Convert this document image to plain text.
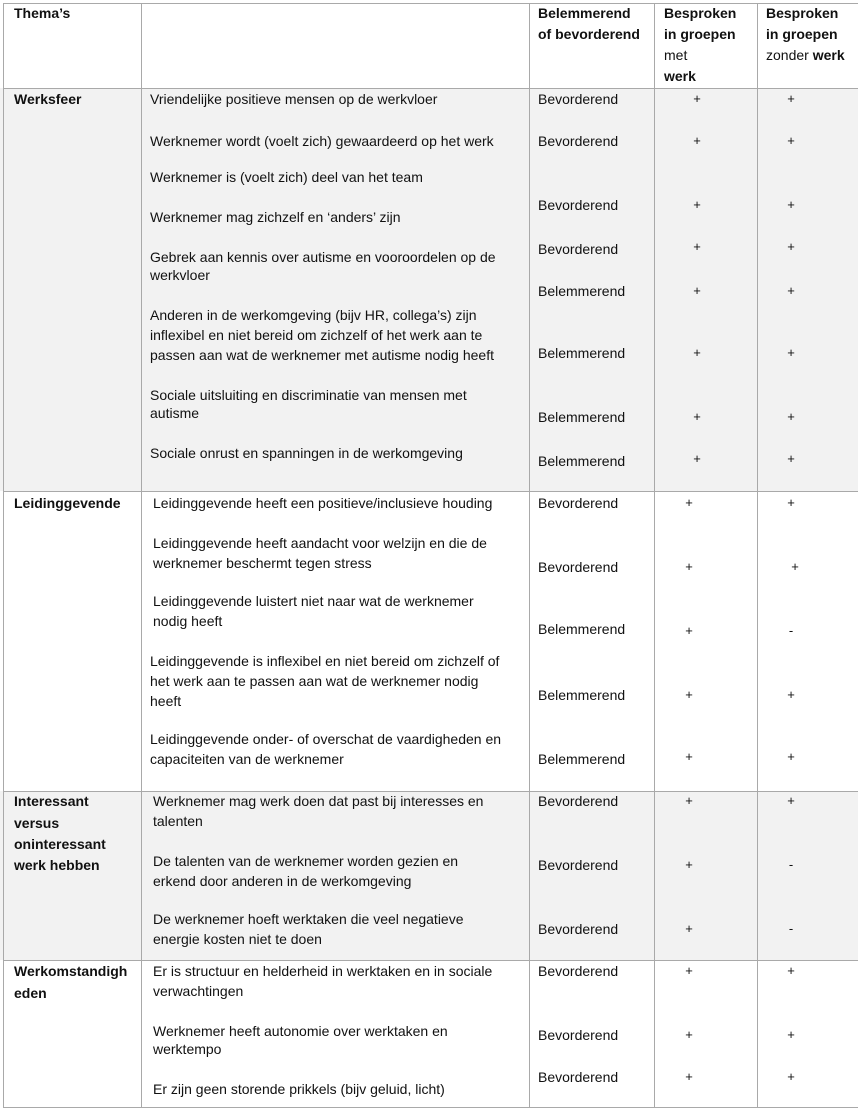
Thema’s	Belemmerend
of bevorderend
Besproken
in groepen
met
werk
Besproken
in groepen
zonder werk
Werksfeer	Vriendelijke positieve mensen op de werkvloer
Werknemer wordt (voelt zich) gewaardeerd op het werk
Werknemer is (voelt zich) deel van het team
Werknemer mag zichzelf en ‘anders’ zijn
Gebrek aan kennis over autisme en vooroordelen op de
werkvloer
Anderen in de werkomgeving (bijv HR, collega’s) zijn
inflexibel en niet bereid om zichzelf of het werk aan te
passen aan wat de werknemer met autisme nodig heeft
Sociale uitsluiting en discriminatie van mensen met
autisme
Sociale onrust en spanningen in de werkomgeving
Bevorderend
Bevorderend
Bevorderend
Bevorderend
Belemmerend
Belemmerend
Belemmerend
Belemmerend
+
+
+
+
+
+
+
+
+
+
+
+
+
+
+
+
Leidinggevende Leidinggevende heeft een positieve/inclusieve houding
Leidinggevende heeft aandacht voor welzijn en die de
werknemer beschermt tegen stress
Leidinggevende luistert niet naar wat de werknemer
nodig heeft
Leidinggevende is inflexibel en niet bereid om zichzelf of
het werk aan te passen aan wat de werknemer nodig
heeft
Leidinggevende onder- of overschat de vaardigheden en
capaciteiten van de werknemer
Bevorderend
Bevorderend
Belemmerend
Belemmerend
Belemmerend
+
+
+
+
+
+
+
-
+
+
Interessant
versus
oninteressant
werk hebben
Werknemer mag werk doen dat past bij interesses en
talenten
De talenten van de werknemer worden gezien en
erkend door anderen in de werkomgeving
De werknemer hoeft werktaken die veel negatieve
energie kosten niet te doen
Bevorderend
Bevorderend
Bevorderend
+
+
+
+
-
-
Werkomstandigh
eden
Er is structuur en helderheid in werktaken en in sociale
verwachtingen
Werknemer heeft autonomie over werktaken en
werktempo
Er zijn geen storende prikkels (bijv geluid, licht)
Bevorderend
Bevorderend
Bevorderend
+
+
+
+
+
+
